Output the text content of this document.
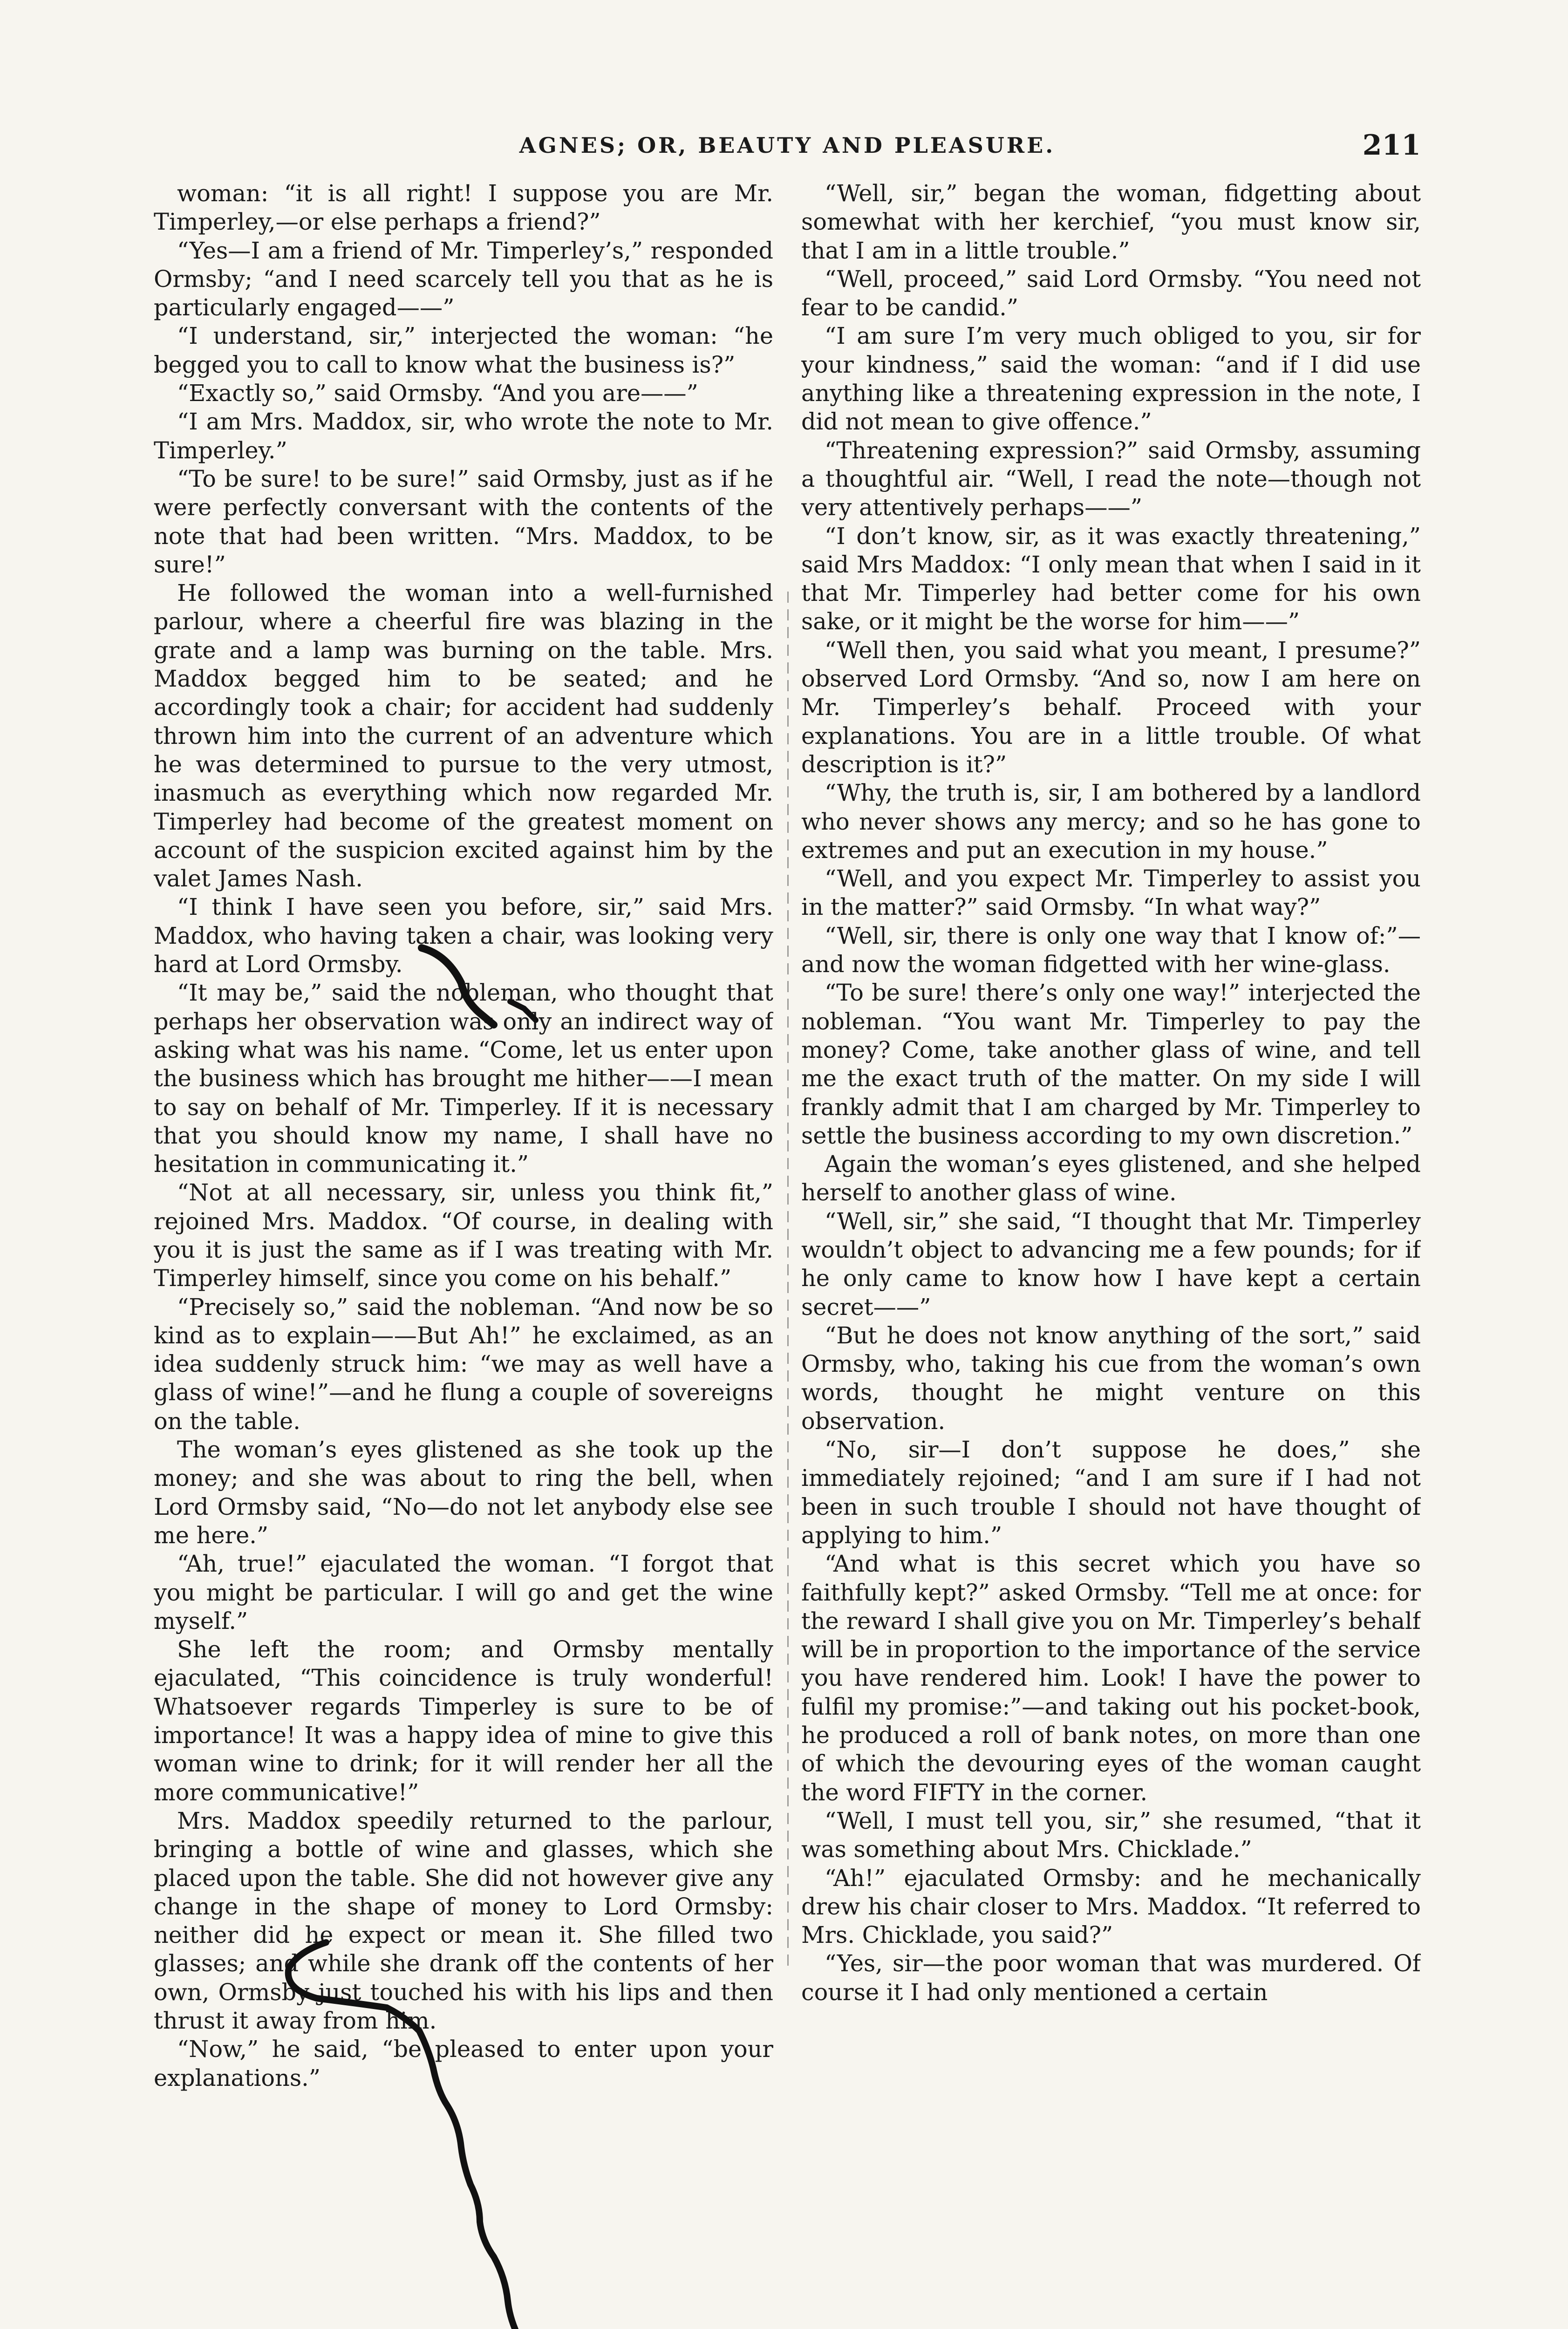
AGNES; OR, BEAUTY AND PLEASURE.	211

woman: “it is all right! I suppose you are Mr. Timperley,—or else perhaps a friend?”

“Yes—I am a friend of Mr. Timperley’s,” responded Ormsby; “and I need scarcely tell you that as he is particularly engaged——”

“I understand, sir,” interjected the woman: “he begged you to call to know what the business is?”

“Exactly so,” said Ormsby. “And you are——”

“I am Mrs. Maddox, sir, who wrote the note to Mr. Timperley.”

“To be sure! to be sure!” said Ormsby, just as if he were perfectly conversant with the contents of the note that had been written. “Mrs. Maddox, to be sure!”

He followed the woman into a well-furnished parlour, where a cheerful fire was blazing in the grate and a lamp was burning on the table. Mrs. Maddox begged him to be seated; and he accordingly took a chair; for accident had suddenly thrown him into the current of an adventure which he was determined to pursue to the very utmost, inasmuch as everything which now regarded Mr. Timperley had become of the greatest moment on account of the suspicion excited against him by the valet James Nash.

“I think I have seen you before, sir,” said Mrs. Maddox, who having taken a chair, was looking very hard at Lord Ormsby.

“It may be,” said the nobleman, who thought that perhaps her observation was only an indirect way of asking what was his name. “Come, let us enter upon the business which has brought me hither——I mean to say on behalf of Mr. Timperley. If it is necessary that you should know my name, I shall have no hesitation in communicating it.”

“Not at all necessary, sir, unless you think fit,” rejoined Mrs. Maddox. “Of course, in dealing with you it is just the same as if I was treating with Mr. Timperley himself, since you come on his behalf.”

“Precisely so,” said the nobleman. “And now be so kind as to explain——But Ah!” he exclaimed, as an idea suddenly struck him: “we may as well have a glass of wine!”—and he flung a couple of sovereigns on the table.

The woman’s eyes glistened as she took up the money; and she was about to ring the bell, when Lord Ormsby said, “No—do not let anybody else see me here.”

“Ah, true!” ejaculated the woman. “I forgot that you might be particular. I will go and get the wine myself.”

She left the room; and Ormsby mentally ejaculated, “This coincidence is truly wonderful! Whatsoever regards Timperley is sure to be of importance! It was a happy idea of mine to give this woman wine to drink; for it will render her all the more communicative!”

Mrs. Maddox speedily returned to the parlour, bringing a bottle of wine and glasses, which she placed upon the table. She did not however give any change in the shape of money to Lord Ormsby: neither did he expect or mean it. She filled two glasses; and while she drank off the contents of her own, Ormsby just touched his with his lips and then thrust it away from him.

“Now,” he said, “be pleased to enter upon your explanations.”

“Well, sir,” began the woman, fidgetting about somewhat with her kerchief, “you must know sir, that I am in a little trouble.”

“Well, proceed,” said Lord Ormsby. “You need not fear to be candid.”

“I am sure I’m very much obliged to you, sir for your kindness,” said the woman: “and if I did use anything like a threatening expression in the note, I did not mean to give offence.”

“Threatening expression?” said Ormsby, assuming a thoughtful air. “Well, I read the note—though not very attentively perhaps——”

“I don’t know, sir, as it was exactly threatening,” said Mrs Maddox: “I only mean that when I said in it that Mr. Timperley had better come for his own sake, or it might be the worse for him——”

“Well then, you said what you meant, I presume?” observed Lord Ormsby. “And so, now I am here on Mr. Timperley’s behalf. Proceed with your explanations. You are in a little trouble. Of what description is it?”

“Why, the truth is, sir, I am bothered by a landlord who never shows any mercy; and so he has gone to extremes and put an execution in my house.”

“Well, and you expect Mr. Timperley to assist you in the matter?” said Ormsby. “In what way?”

“Well, sir, there is only one way that I know of:”—and now the woman fidgetted with her wine-glass.

“To be sure! there’s only one way!” interjected the nobleman. “You want Mr. Timperley to pay the money? Come, take another glass of wine, and tell me the exact truth of the matter. On my side I will frankly admit that I am charged by Mr. Timperley to settle the business according to my own discretion.”

Again the woman’s eyes glistened, and she helped herself to another glass of wine.

“Well, sir,” she said, “I thought that Mr. Timperley wouldn’t object to advancing me a few pounds; for if he only came to know how I have kept a certain secret——”

“But he does not know anything of the sort,” said Ormsby, who, taking his cue from the woman’s own words, thought he might venture on this observation.

“No, sir—I don’t suppose he does,” she immediately rejoined; “and I am sure if I had not been in such trouble I should not have thought of applying to him.”

“And what is this secret which you have so faithfully kept?” asked Ormsby. “Tell me at once: for the reward I shall give you on Mr. Timperley’s behalf will be in proportion to the importance of the service you have rendered him. Look! I have the power to fulfil my promise:”—and taking out his pocket-book, he produced a roll of bank notes, on more than one of which the devouring eyes of the woman caught the word FIFTY in the corner.

“Well, I must tell you, sir,” she resumed, “that it was something about Mrs. Chicklade.”

“Ah!” ejaculated Ormsby: and he mechanically drew his chair closer to Mrs. Maddox. “It referred to Mrs. Chicklade, you said?”

“Yes, sir—the poor woman that was murdered. Of course it I had only mentioned a certain
